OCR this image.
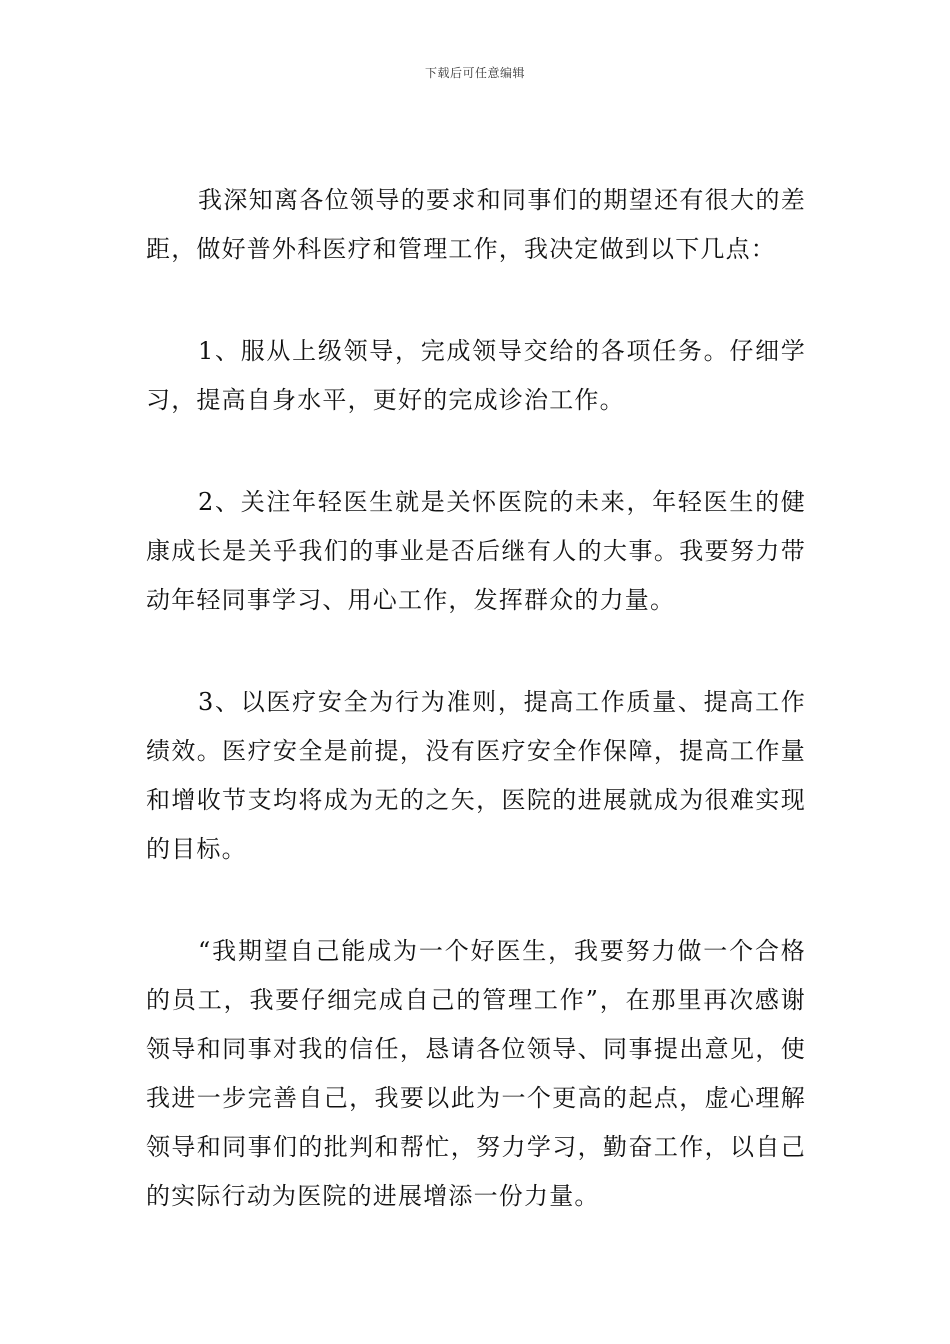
下载后可任意编辑

我深知离各位领导的要求和同事们的期望还有很大的差距，做好普外科医疗和管理工作，我决定做到以下几点：

1、服从上级领导，完成领导交给的各项任务。仔细学习，提高自身水平，更好的完成诊治工作。

2、关注年轻医生就是关怀医院的未来，年轻医生的健康成长是关乎我们的事业是否后继有人的大事。我要努力带动年轻同事学习、用心工作，发挥群众的力量。

3、以医疗安全为行为准则，提高工作质量、提高工作绩效。医疗安全是前提，没有医疗安全作保障，提高工作量和增收节支均将成为无的之矢，医院的进展就成为很难实现的目标。

“我期望自己能成为一个好医生，我要努力做一个合格的员工，我要仔细完成自己的管理工作”，在那里再次感谢领导和同事对我的信任，恳请各位领导、同事提出意见，使我进一步完善自己，我要以此为一个更高的起点，虚心理解领导和同事们的批判和帮忙，努力学习，勤奋工作，以自己的实际行动为医院的进展增添一份力量。
